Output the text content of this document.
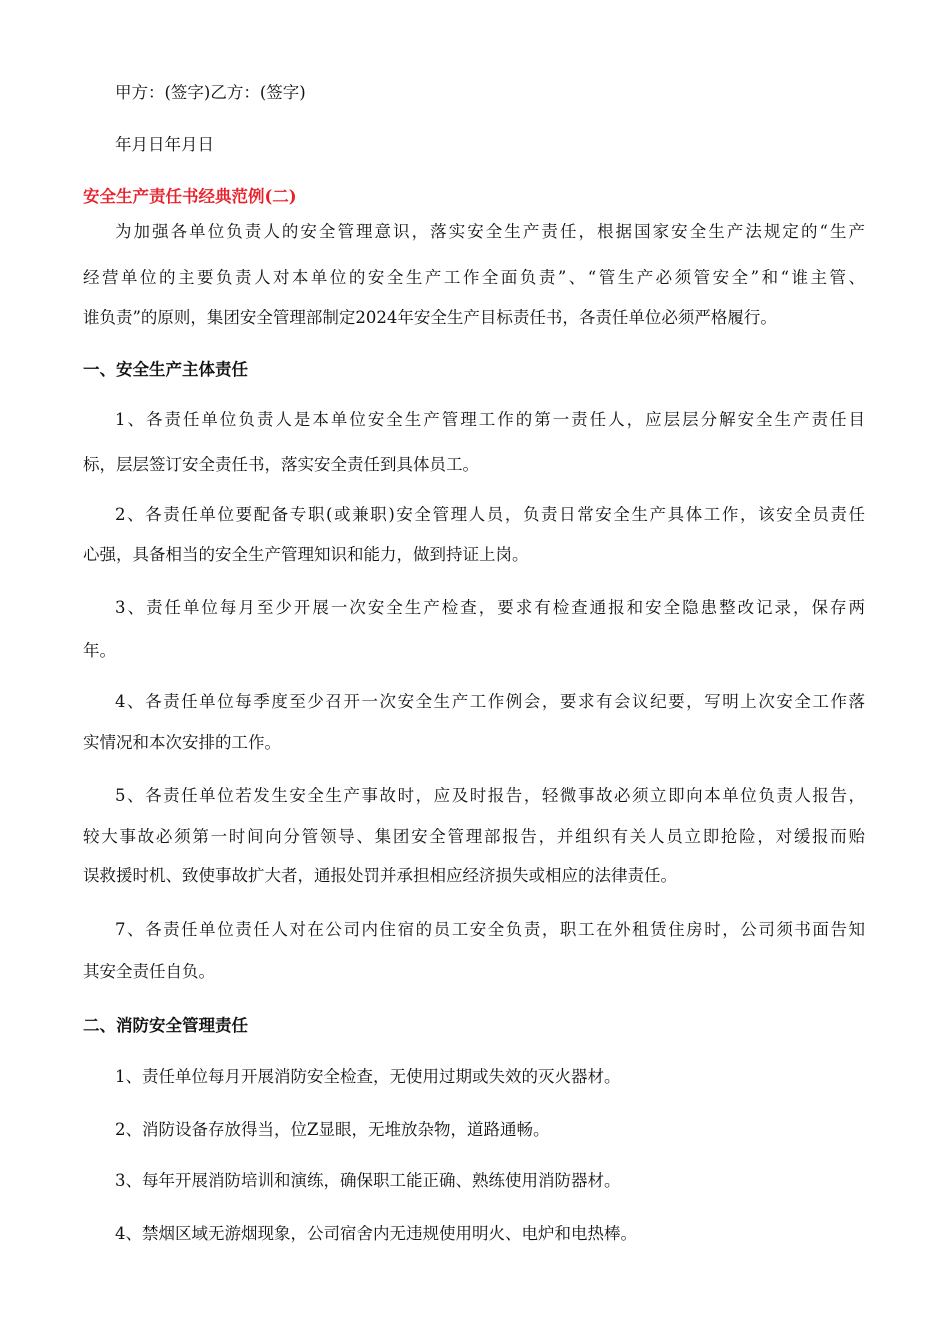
甲方：(签字)乙方：(签字)
年月日年月日
安全生产责任书经典范例(二)
为加强各单位负责人的安全管理意识，落实安全生产责任，根据国家安全生产法规定的“生产
经营单位的主要负责人对本单位的安全生产工作全面负责”、“管生产必须管安全”和“谁主管、
谁负责”的原则，集团安全管理部制定2024年安全生产目标责任书，各责任单位必须严格履行。
一、安全生产主体责任
1、各责任单位负责人是本单位安全生产管理工作的第一责任人，应层层分解安全生产责任目
标，层层签订安全责任书，落实安全责任到具体员工。
2、各责任单位要配备专职(或兼职)安全管理人员，负责日常安全生产具体工作，该安全员责任
心强，具备相当的安全生产管理知识和能力，做到持证上岗。
3、责任单位每月至少开展一次安全生产检查，要求有检查通报和安全隐患整改记录，保存两
年。
4、各责任单位每季度至少召开一次安全生产工作例会，要求有会议纪要，写明上次安全工作落
实情况和本次安排的工作。
5、各责任单位若发生安全生产事故时，应及时报告，轻微事故必须立即向本单位负责人报告，
较大事故必须第一时间向分管领导、集团安全管理部报告，并组织有关人员立即抢险，对缓报而贻
误救援时机、致使事故扩大者，通报处罚并承担相应经济损失或相应的法律责任。
7、各责任单位责任人对在公司内住宿的员工安全负责，职工在外租赁住房时，公司须书面告知
其安全责任自负。
二、消防安全管理责任
1、责任单位每月开展消防安全检查，无使用过期或失效的灭火器材。
2、消防设备存放得当，位Z显眼，无堆放杂物，道路通畅。
3、每年开展消防培训和演练，确保职工能正确、熟练使用消防器材。
4、禁烟区域无游烟现象，公司宿舍内无违规使用明火、电炉和电热棒。
